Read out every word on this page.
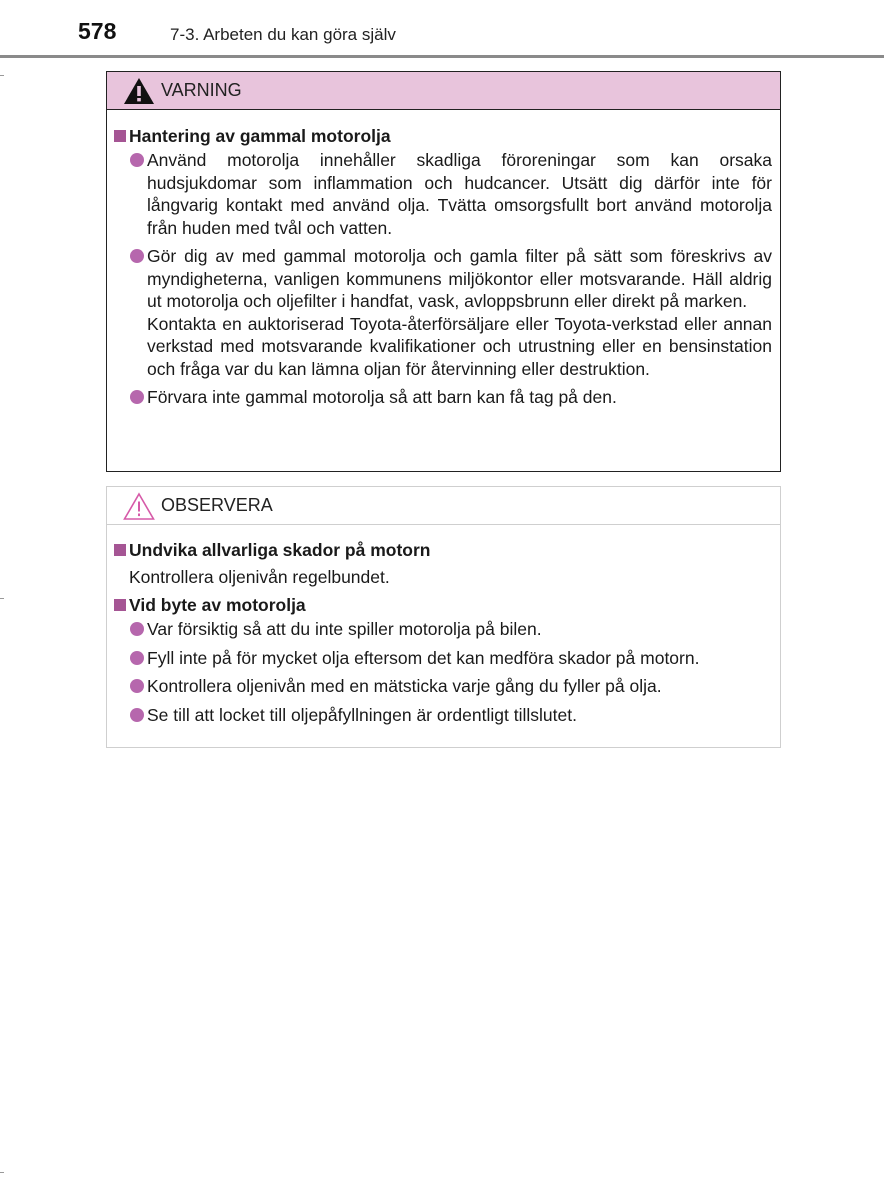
578	7-3. Arbeten du kan göra själv
VARNING
Hantering av gammal motorolja

Använd motorolja innehåller skadliga föroreningar som kan orsaka hudsjukdomar som inflammation och hudcancer. Utsätt dig därför inte för långvarig kontakt med använd olja. Tvätta omsorgsfullt bort använd motorolja från huden med tvål och vatten.

Gör dig av med gammal motorolja och gamla filter på sätt som föreskrivs av myndigheterna, vanligen kommunens miljökontor eller motsvarande. Häll aldrig ut motorolja och oljefilter i handfat, vask, avloppsbrunn eller direkt på marken.

Kontakta en auktoriserad Toyota-återförsäljare eller Toyota-verkstad eller annan verkstad med motsvarande kvalifikationer och utrustning eller en bensinstation och fråga var du kan lämna oljan för återvinning eller destruktion.

Förvara inte gammal motorolja så att barn kan få tag på den.

OBSERVERA
Undvika allvarliga skador på motorn
Kontrollera oljenivån regelbundet.
Vid byte av motorolja

Var försiktig så att du inte spiller motorolja på bilen.

Fyll inte på för mycket olja eftersom det kan medföra skador på motorn.

Kontrollera oljenivån med en mätsticka varje gång du fyller på olja.

Se till att locket till oljepåfyllningen är ordentligt tillslutet.
